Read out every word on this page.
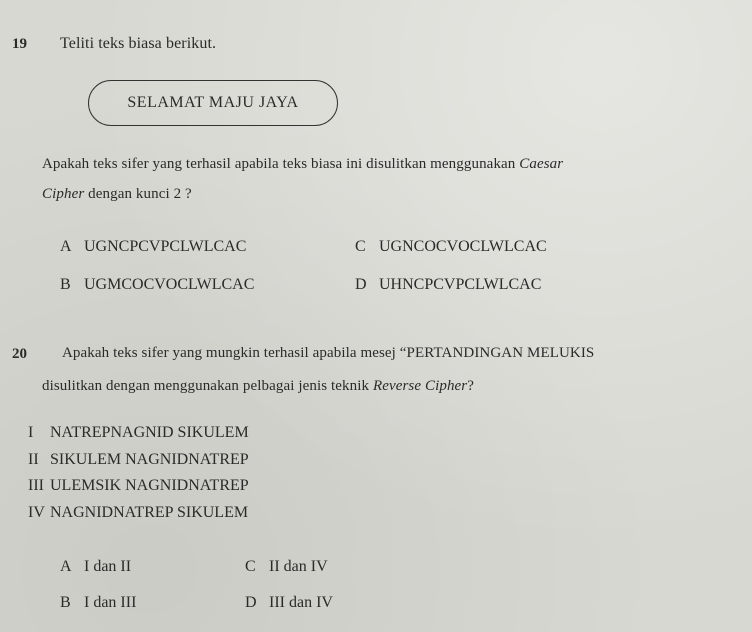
19 Teliti teks biasa berikut.
SELAMAT MAJU JAYA
Apakah teks sifer yang terhasil apabila teks biasa ini disulitkan menggunakan Caesar
Cipher dengan kunci 2 ?
A UGNCPCVPCLWLCAC	C UGNCOCVOCLWLCAC
B UGMCOCVOCLWLCAC	D UHNCPCVPCLWLCAC
20 Apakah teks sifer yang mungkin terhasil apabila mesej “PERTANDINGAN MELUKIS
disulitkan dengan menggunakan pelbagai jenis teknik Reverse Cipher?
I NATREPNAGNID SIKULEM
II SIKULEM NAGNIDNATREP
III ULEMSIK NAGNIDNATREP
IV NAGNIDNATREP SIKULEM
A I dan II	C II dan IV
B I dan III	D III dan IV
